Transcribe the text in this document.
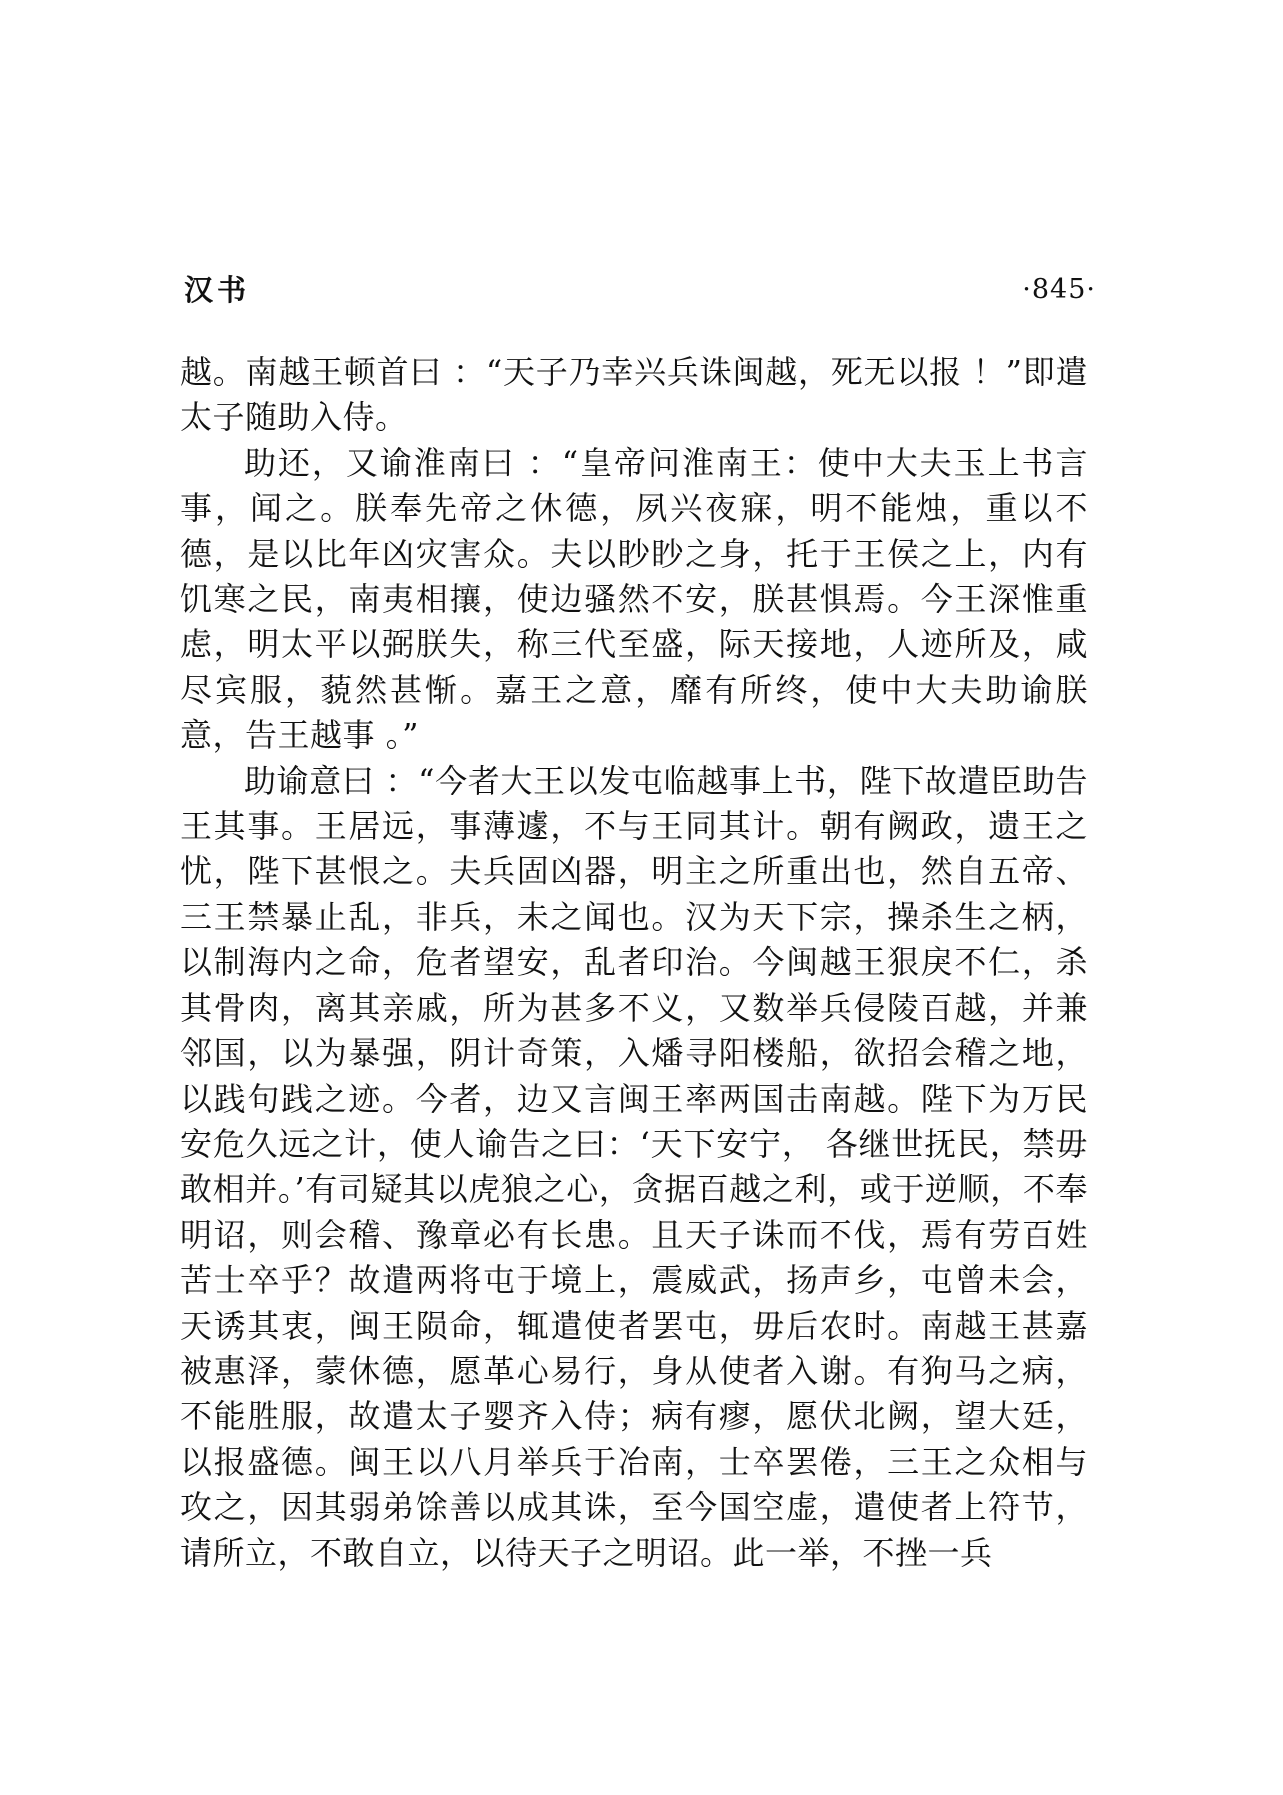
汉书	·845·

越。南越王顿首曰 ：“天子乃幸兴兵诛闽越，死无以报 ！”即遣太子随助入侍。

助还，又谕淮南曰 ：“皇帝问淮南王：使中大夫玉上书言事，闻之。朕奉先帝之休德，夙兴夜寐，明不能烛，重以不德，是以比年凶灾害众。夫以眇眇之身，托于王侯之上，内有饥寒之民，南夷相攘，使边骚然不安，朕甚惧焉。今王深惟重虑，明太平以弼朕失，称三代至盛，际天接地，人迹所及，咸尽宾服，藐然甚惭。嘉王之意，靡有所终，使中大夫助谕朕意，告王越事 。”

助谕意曰 ：“今者大王以发屯临越事上书，陛下故遣臣助告王其事。王居远，事薄遽，不与王同其计。朝有阙政，遗王之忧，陛下甚恨之。夫兵固凶器，明主之所重出也，然自五帝、三王禁暴止乱，非兵，未之闻也。汉为天下宗，操杀生之柄，以制海内之命，危者望安，乱者印治。今闽越王狠戾不仁，杀其骨肉，离其亲戚，所为甚多不义，又数举兵侵陵百越，并兼邻国，以为暴强，阴计奇策，入燔寻阳楼船，欲招会稽之地，以践句践之迹。今者，边又言闽王率两国击南越。陛下为万民安危久远之计，使人谕告之曰：‘天下安宁， 各继世抚民，禁毋敢相并。’有司疑其以虎狼之心，贪据百越之利，或于逆顺，不奉明诏，则会稽、豫章必有长患。且天子诛而不伐，焉有劳百姓苦士卒乎？故遣两将屯于境上，震威武，扬声乡，屯曾未会，天诱其衷，闽王陨命，辄遣使者罢屯，毋后农时。南越王甚嘉被惠泽，蒙休德，愿革心易行，身从使者入谢。有狗马之病，不能胜服，故遣太子婴齐入侍；病有瘳，愿伏北阙，望大廷，以报盛德。闽王以八月举兵于冶南，士卒罢倦，三王之众相与攻之，因其弱弟馀善以成其诛，至今国空虚，遣使者上符节，请所立，不敢自立，以待天子之明诏。此一举，不挫一兵
